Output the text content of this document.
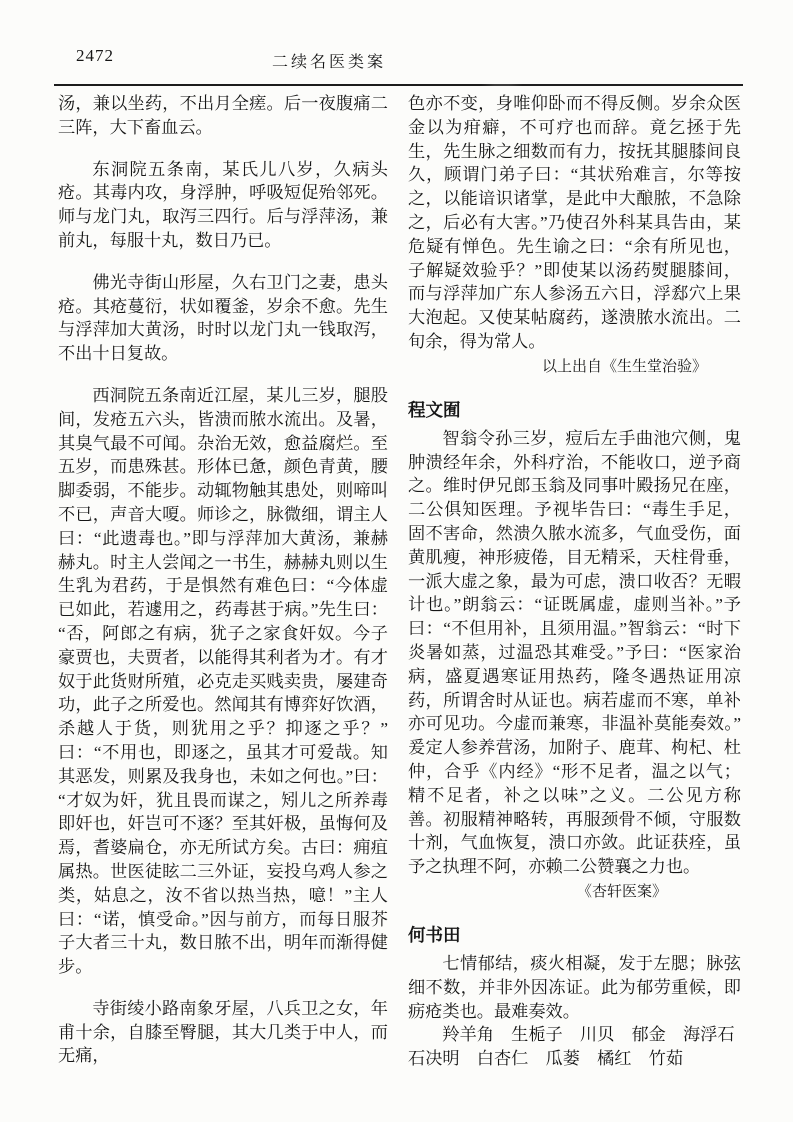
2472	二续名医类案

汤，兼以坐药，不出月全瘥。后一夜腹痛二三阵，大下畜血云。

东洞院五条南，某氏儿八岁，久病头疮。其毒内攻，身浮肿，呼吸短促殆邻死。师与龙门丸，取泻三四行。后与浮萍汤，兼前丸，每服十丸，数日乃已。

佛光寺街山形屋，久右卫门之妻，患头疮。其疮蔓衍，状如覆釜，岁余不愈。先生与浮萍加大黄汤，时时以龙门丸一钱取泻，不出十日复故。

西洞院五条南近江屋，某儿三岁，腿股间，发疮五六头，皆溃而脓水流出。及暑，其臭气最不可闻。杂治无效，愈益腐烂。至五岁，而患殊甚。形体已惫，颜色青黄，腰脚委弱，不能步。动辄物触其患处，则啼叫不已，声音大嗄。师诊之，脉微细，谓主人曰：“此遗毒也。”即与浮萍加大黄汤，兼赫赫丸。时主人尝闻之一书生，赫赫丸则以生生乳为君药，于是惧然有难色曰：“今体虚已如此，若遽用之，药毒甚于病。”先生曰：“否，阿郎之有病，犹子之家食奸奴。今子豪贾也，夫贾者，以能得其利者为才。有才奴于此货财所殖，必克走买贱卖贵，屡建奇功，此子之所爱也。然闻其有博弈好饮酒，杀越人于货，则犹用之乎？抑逐之乎？”曰：“不用也，即逐之，虽其才可爱哉。知其恶发，则累及我身也，未如之何也。”曰：“才奴为奸，犹且畏而谋之，矧儿之所养毒即奸也，奸岂可不逐？至其奸极，虽悔何及焉，耆婆扁仓，亦无所试方矣。古曰：痈疽属热。世医徒眩二三外证，妄投乌鸡人参之类，姑息之，汝不省以热当热，噫！”主人曰：“诺，慎受命。”因与前方，而每日服芥子大者三十丸，数日脓不出，明年而渐得健步。

寺街绫小路南象牙屋，八兵卫之女，年甫十余，自膝至臀腿，其大几类于中人，而无痛，

色亦不变，身唯仰卧而不得反侧。岁余众医金以为疳癖，不可疗也而辞。竟乞拯于先生，先生脉之细数而有力，按抚其腿膝间良久，顾谓门弟子曰：“其状殆难言，尔等按之，以能谙识诸掌，是此中大酿脓，不急除之，后必有大害。”乃使召外科某具告由，某危疑有惮色。先生谕之曰：“余有所见也，子解疑效验乎？”即使某以汤药熨腿膝间，而与浮萍加广东人参汤五六日，浮郄穴上果大泡起。又使某帖腐药，遂溃脓水流出。二旬余，得为常人。

以上出自《生生堂治验》

程文囿

智翁令孙三岁，痘后左手曲池穴侧，鬼肿溃经年余，外科疗治，不能收口，逆予商之。维时伊兄郎玉翁及同事叶殿扬兄在座，二公俱知医理。予视毕告曰：“毒生手足，固不害命，然溃久脓水流多，气血受伤，面黄肌瘦，神形疲倦，目无精采，天柱骨垂，一派大虚之象，最为可虑，溃口收否？无暇计也。”朗翁云：“证既属虚，虚则当补。”予曰：“不但用补，且须用温。”智翁云：“时下炎暑如蒸，过温恐其难受。”予曰：“医家治病，盛夏遇寒证用热药，隆冬遇热证用凉药，所谓舍时从证也。病若虚而不寒，单补亦可见功。今虚而兼寒，非温补莫能奏效。”爰定人参养营汤，加附子、鹿茸、枸杞、杜仲，合乎《内经》“形不足者，温之以气；精不足者，补之以味”之义。二公见方称善。初服精神略转，再服颈骨不倾，守服数十剂，气血恢复，溃口亦敛。此证获痊，虽予之执理不阿，亦赖二公赞襄之力也。

《杏轩医案》

何书田

七情郁结，痰火相凝，发于左腮；脉弦细不数，并非外因冻证。此为郁劳重候，即疬疮类也。最难奏效。

羚羊角　生栀子　川贝　郁金　海浮石

石决明　白杏仁　瓜蒌　橘红　竹茹
